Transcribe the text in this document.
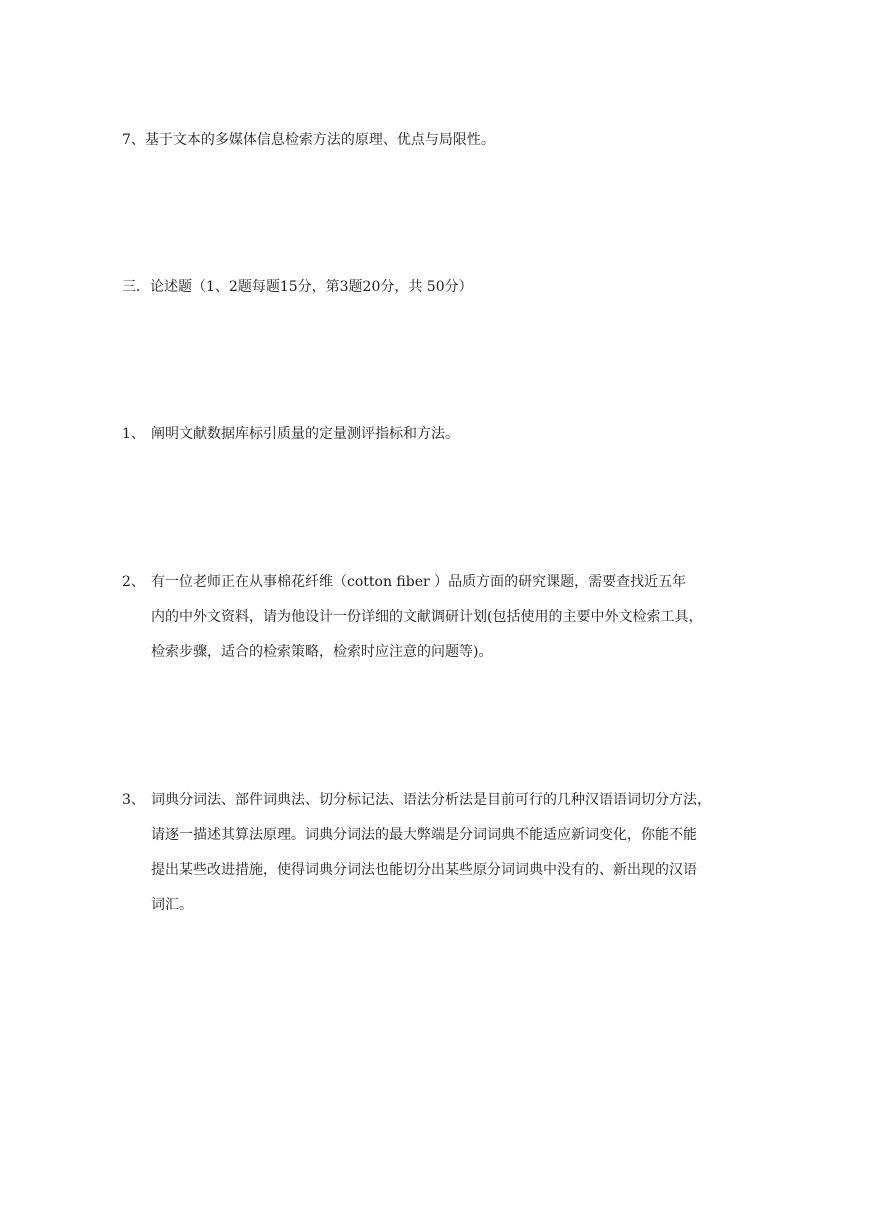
7、基于文本的多媒体信息检索方法的原理、优点与局限性。
三．论述题（1、2题每题15分，第3题20分，共 50分）
1、 阐明文献数据库标引质量的定量测评指标和方法。
2、 有一位老师正在从事棉花纤维（cotton fiber ）品质方面的研究课题，需要查找近五年
内的中外文资料，请为他设计一份详细的文献调研计划(包括使用的主要中外文检索工具，
检索步骤，适合的检索策略，检索时应注意的问题等)。
3、 词典分词法、部件词典法、切分标记法、语法分析法是目前可行的几种汉语语词切分方法，
请逐一描述其算法原理。词典分词法的最大弊端是分词词典不能适应新词变化，你能不能
提出某些改进措施，使得词典分词法也能切分出某些原分词词典中没有的、新出现的汉语
词汇。
